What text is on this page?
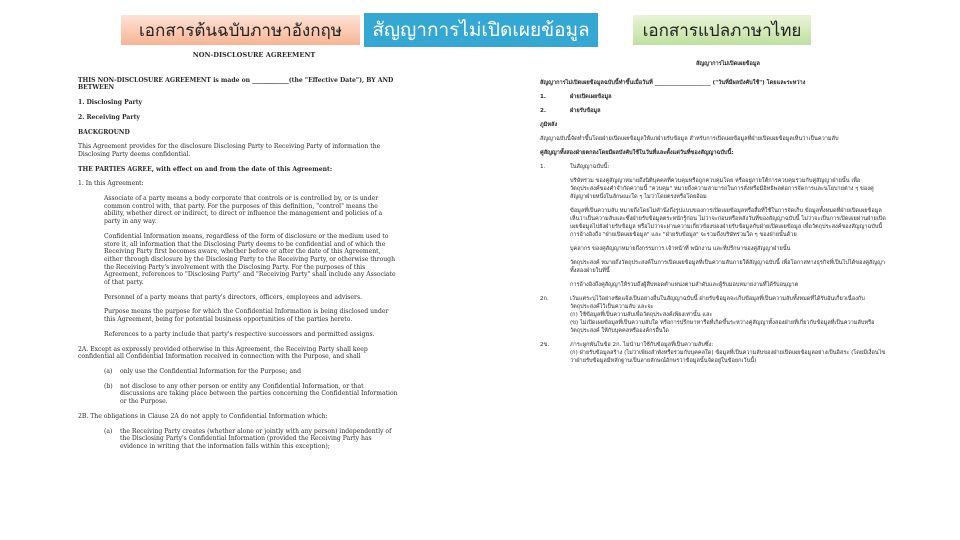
เอกสารต้นฉบับภาษาอังกฤษ	สัญญาการไม่เปิดเผยข้อมูล	เอกสารแปลภาษาไทย
NON-DISCLOSURE AGREEMENT

THIS NON-DISCLOSURE AGREEMENT is made on ____________(the "Effective Date"), BY AND BETWEEN

1. Disclosing Party

2. Receiving Party

BACKGROUND

This Agreement provides for the disclosure Disclosing Party to Receiving Party of information the Disclosing Party deems confidential.

THE PARTIES AGREE, with effect on and from the date of this Agreement:

1. In this Agreement:

Associate of a party means a body corporate that controls or is controlled by, or is under common control with, that party. For the purposes of this definition, "control" means the ability, whether direct or indirect, to direct or influence the management and policies of a party in any way.

Confidential Information means, regardless of the form of disclosure or the medium used to store it, all information that the Disclosing Party deems to be confidential and of which the Receiving Party first becomes aware, whether before or after the date of this Agreement, either through disclosure by the Disclosing Party to the Receiving Party, or otherwise through the Receiving Party's involvement with the Disclosing Party. For the purposes of this Agreement, references to "Disclosing Party" and "Receiving Party" shall include any Associate of that party.

Personnel of a party means that party's directors, officers, employees and advisers.

Purpose means the purpose for which the Confidential Information is being disclosed under this Agreement, being for potential business opportunities of the parties hereto.

References to a party include that party's respective successors and permitted assigns.

2A. Except as expressly provided otherwise in this Agreement, the Receiving Party shall keep confidential all Confidential Information received in connection with the Purpose, and shall

(a)	only use the Confidential Information for the Purpose; and

(b)	not disclose to any other person or entity any Confidential Information, or that discussions are taking place between the parties concerning the Confidential Information or the Purpose.

2B. The obligations in Clause 2A do not apply to Confidential Information which:

(a)	the Receiving Party creates (whether alone or jointly with any person) independently of the Disclosing Party's Confidential Information (provided the Receiving Party has evidence in writing that the information falls within this exception);
สัญญาการไม่เปิดเผยข้อมูล

สัญญาการไม่เปิดเผยข้อมูลฉบับนี้ทำขึ้นเมื่อวันที่ ____________________ ("วันที่มีผลบังคับใช้") โดยและระหว่าง

1.	ฝ่ายเปิดเผยข้อมูล
2.	ฝ่ายรับข้อมูล

ภูมิหลัง

สัญญาฉบับนี้จัดทำขึ้นโดยฝ่ายเปิดเผยข้อมูลให้แก่ฝ่ายรับข้อมูล สำหรับการเปิดเผยข้อมูลที่ฝ่ายเปิดเผยข้อมูลเห็นว่าเป็นความลับ

คู่สัญญาทั้งสองฝ่ายตกลงโดยมีผลบังคับใช้ในวันที่และตั้งแต่วันที่ของสัญญาฉบับนี้:

1.	ในสัญญาฉบับนี้:

บริษัทร่วม ของคู่สัญญาหมายถึงนิติบุคคลที่ควบคุมหรือถูกควบคุมโดย หรืออยู่ภายใต้การควบคุมร่วมกับคู่สัญญาฝ่ายนั้น เพื่อวัตถุประสงค์ของคำจำกัดความนี้ "ควบคุม" หมายถึงความสามารถในการสั่งหรือมีอิทธิพลต่อการจัดการและนโยบายต่าง ๆ ของคู่สัญญาฝ่ายหนึ่งในลักษณะใด ๆ ไม่ว่าโดยตรงหรือโดยอ้อม

ข้อมูลที่เป็นความลับ หมายถึงโดยไม่คำนึงถึงรูปแบบของการเปิดเผยข้อมูลหรือสื่อที่ใช้ในการจัดเก็บ ข้อมูลทั้งหมดที่ฝ่ายเปิดเผยข้อมูลเห็นว่าเป็นความลับและซึ่งฝ่ายรับข้อมูลตระหนักรู้ก่อน ไม่ว่าจะก่อนหรือหลังวันที่ของสัญญาฉบับนี้ ไม่ว่าจะเป็นการเปิดเผยผ่านฝ่ายเปิดเผยข้อมูลไปยังฝ่ายรับข้อมูล หรือไม่ว่าจะผ่านความเกี่ยวข้องของฝ่ายรับข้อมูลกับฝ่ายเปิดเผยข้อมูล เพื่อวัตถุประสงค์ของสัญญาฉบับนี้ การอ้างอิงถึง "ฝ่ายเปิดเผยข้อมูล" และ "ฝ่ายรับข้อมูล" จะรวมถึงบริษัทร่วมใด ๆ ของฝ่ายนั้นด้วย

บุคลากร ของคู่สัญญาหมายถึงกรรมการ เจ้าหน้าที่ พนักงาน และที่ปรึกษาของคู่สัญญาฝ่ายนั้น

วัตถุประสงค์ หมายถึงวัตถุประสงค์ในการเปิดเผยข้อมูลที่เป็นความลับภายใต้สัญญาฉบับนี้ เพื่อโอกาสทางธุรกิจที่เป็นไปได้ของคู่สัญญาทั้งสองฝ่ายในที่นี้

การอ้างอิงถึงคู่สัญญาให้รวมถึงผู้สืบทอดตำแหน่งตามลำดับและผู้รับมอบหมายงานที่ได้รับอนุญาต

2ก.	เว้นแต่ระบุไว้อย่างชัดแจ้งเป็นอย่างอื่นในสัญญาฉบับนี้ ฝ่ายรับข้อมูลจะเก็บข้อมูลที่เป็นความลับทั้งหมดที่ได้รับอันเกี่ยวเนื่องกับวัตถุประสงค์ไว้เป็นความลับ และจะ
(ก) ใช้ข้อมูลที่เป็นความลับเพื่อวัตถุประสงค์เพียงเท่านั้น และ
(ข) ไม่เปิดเผยข้อมูลที่เป็นความลับใด หรือการปรึกษาหารือที่เกิดขึ้นระหว่างคู่สัญญาทั้งสองฝ่ายที่เกี่ยวกับข้อมูลที่เป็นความลับหรือวัตถุประสงค์ ให้กับบุคคลหรือองค์กรอื่นใด
2ข.	ภาระผูกพันในข้อ 2ก. ไม่นำมาใช้กับข้อมูลที่เป็นความลับซึ่ง:
(ก) ฝ่ายรับข้อมูลสร้าง (ไม่ว่าเพียงลำพังหรือร่วมกับบุคคลใด) ข้อมูลที่เป็นความลับของฝ่ายเปิดเผยข้อมูลอย่างเป็นอิสระ (โดยมีเงื่อนไขว่าฝ่ายรับข้อมูลมีหลักฐานเป็นลายลักษณ์อักษรว่าข้อมูลนั้นจัดอยู่ในข้อยกเว้นนี้)
